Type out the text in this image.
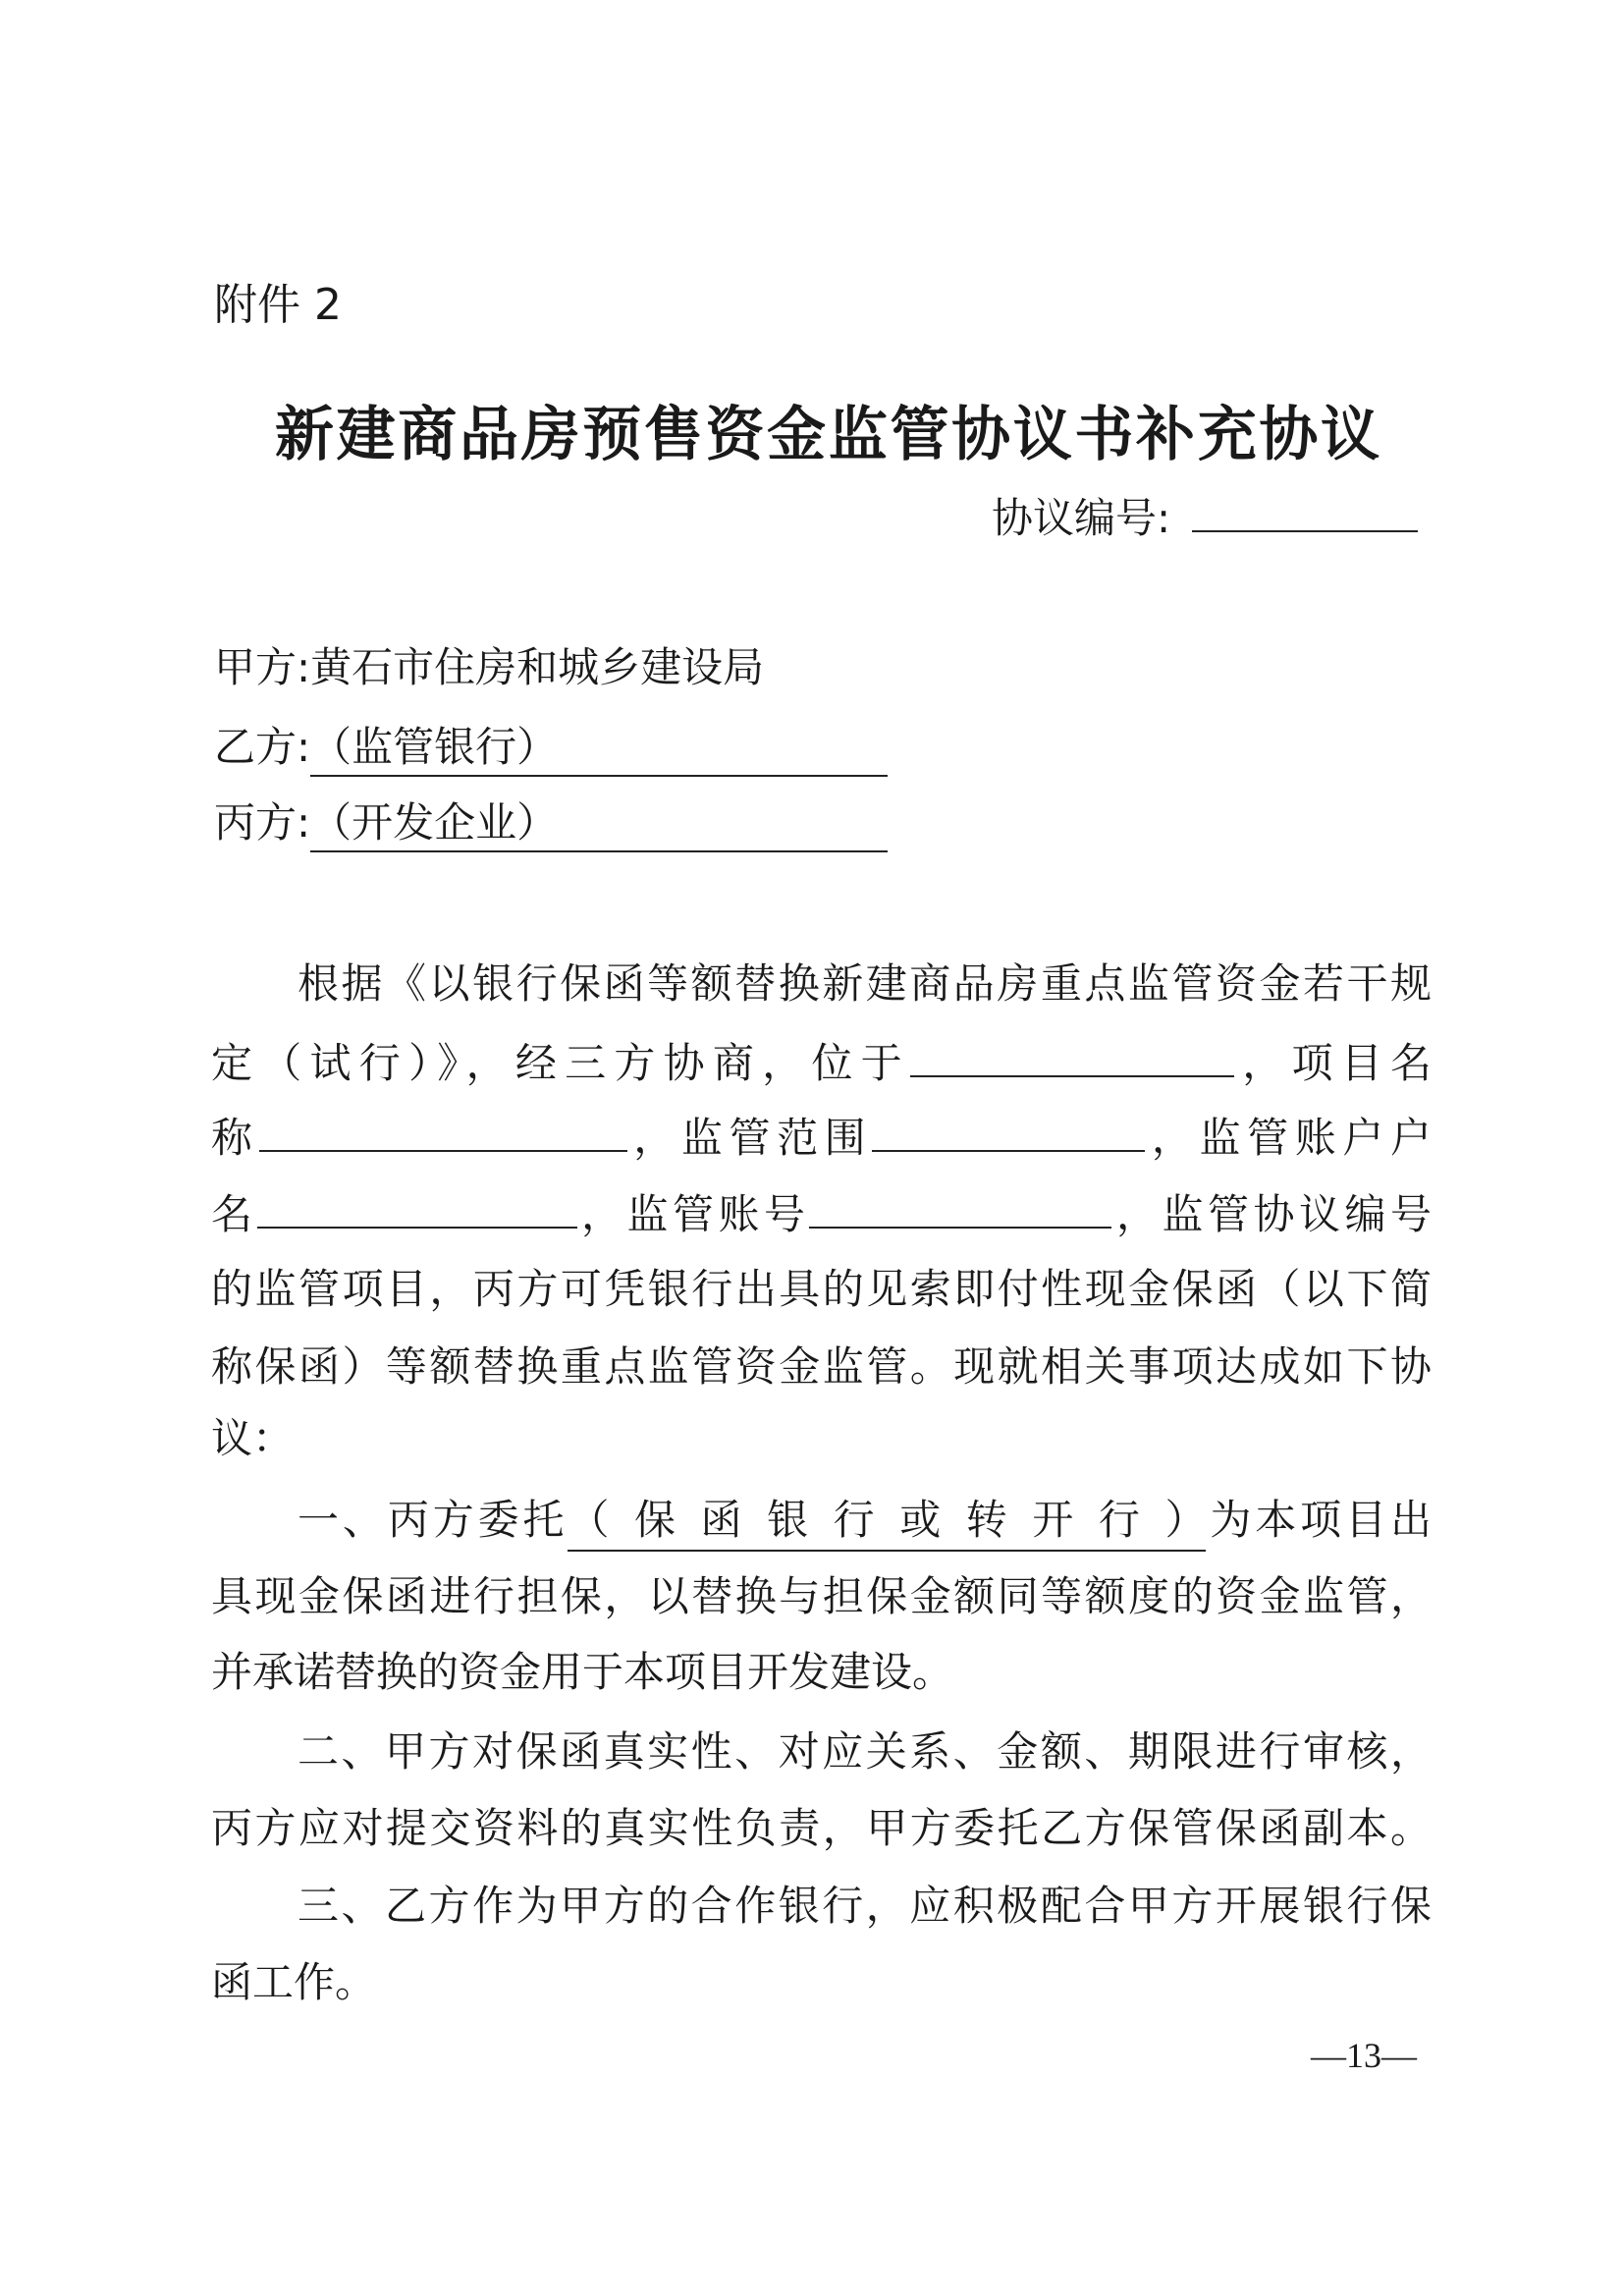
附件 2
新建商品房预售资金监管协议书补充协议
协议编号:
甲方:黄石市住房和城乡建设局
乙方:（监管银行）
丙方:（开发企业）
根据《以银行保函等额替换新建商品房重点监管资金若干规
定（试行）》，经三方协商，位于	，项目名
称	，监管范围	，监管账户户
名	，监管账号	，监管协议编号
的监管项目，丙方可凭银行出具的见索即付性现金保函（以下简
称保函）等额替换重点监管资金监管。现就相关事项达成如下协
议：
一、丙方委托（保函银行或转开行）为本项目出
具现金保函进行担保，以替换与担保金额同等额度的资金监管，
并承诺替换的资金用于本项目开发建设。
二、甲方对保函真实性、对应关系、金额、期限进行审核，
丙方应对提交资料的真实性负责，甲方委托乙方保管保函副本。
三、乙方作为甲方的合作银行，应积极配合甲方开展银行保
函工作。
—13—
